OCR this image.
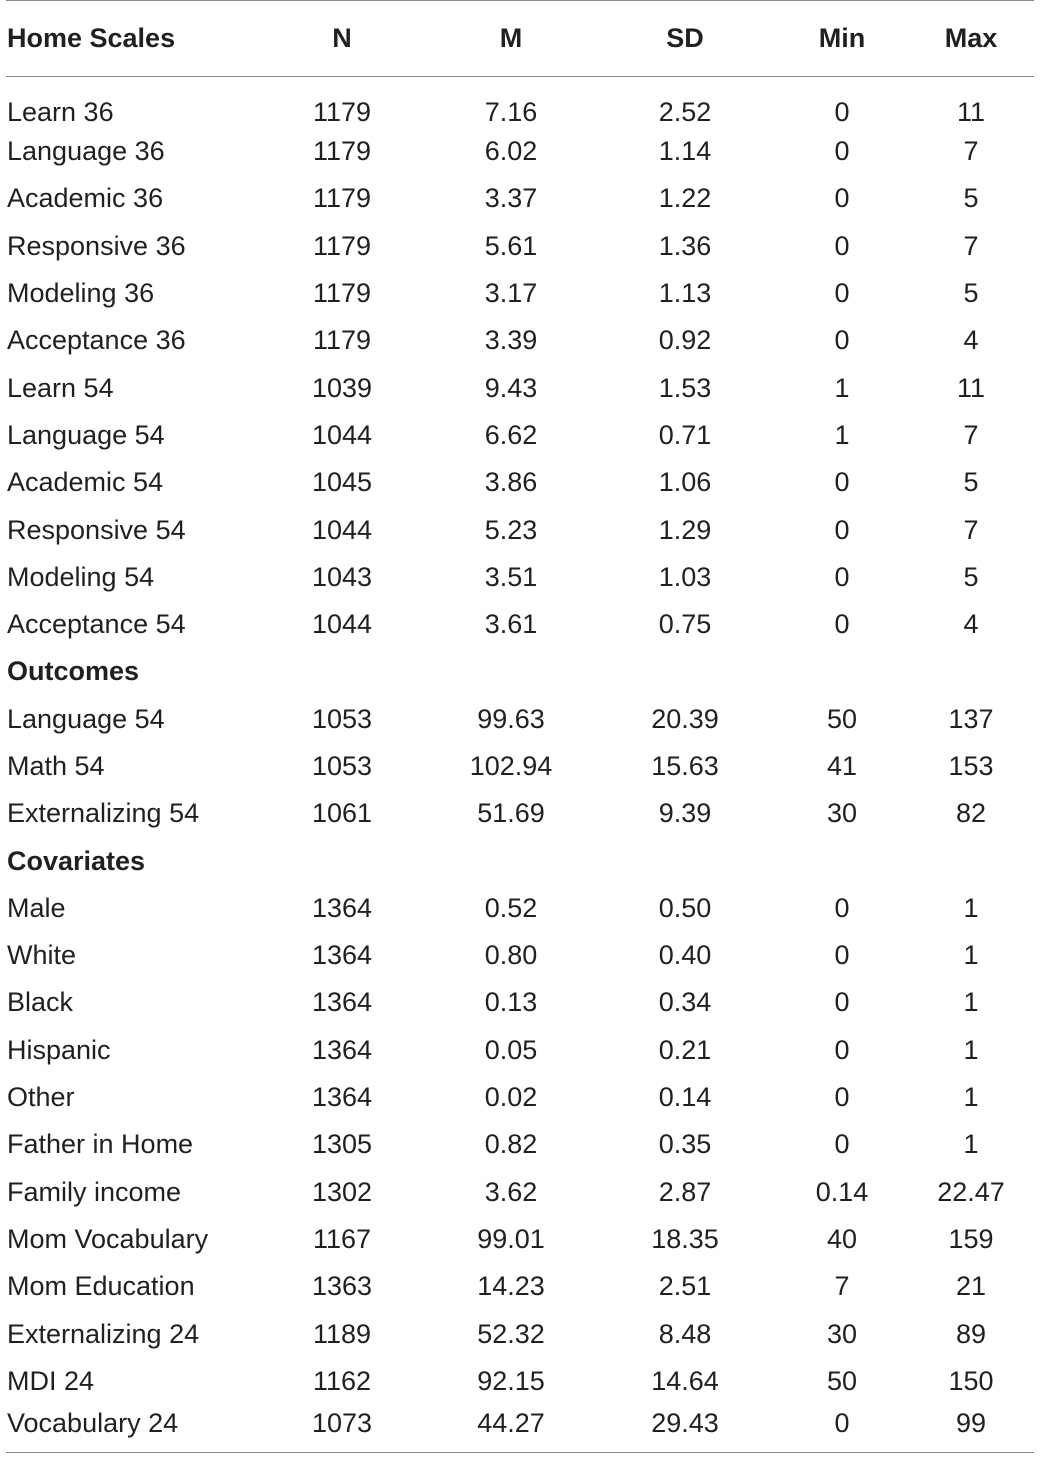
Home Scales	N	M	SD	Min	Max
Learn 36	1179	7.16	2.52	0	11
Language 36	1179	6.02	1.14	0	7
Academic 36	1179	3.37	1.22	0	5
Responsive 36	1179	5.61	1.36	0	7
Modeling 36	1179	3.17	1.13	0	5
Acceptance 36	1179	3.39	0.92	0	4
Learn 54	1039	9.43	1.53	1	11
Language 54	1044	6.62	0.71	1	7
Academic 54	1045	3.86	1.06	0	5
Responsive 54	1044	5.23	1.29	0	7
Modeling 54	1043	3.51	1.03	0	5
Acceptance 54	1044	3.61	0.75	0	4
Outcomes					
Language 54	1053	99.63	20.39	50	137
Math 54	1053	102.94	15.63	41	153
Externalizing 54	1061	51.69	9.39	30	82
Covariates					
Male	1364	0.52	0.50	0	1
White	1364	0.80	0.40	0	1
Black	1364	0.13	0.34	0	1
Hispanic	1364	0.05	0.21	0	1
Other	1364	0.02	0.14	0	1
Father in Home	1305	0.82	0.35	0	1
Family income	1302	3.62	2.87	0.14	22.47
Mom Vocabulary	1167	99.01	18.35	40	159
Mom Education	1363	14.23	2.51	7	21
Externalizing 24	1189	52.32	8.48	30	89
MDI 24	1162	92.15	14.64	50	150
Vocabulary 24	1073	44.27	29.43	0	99
